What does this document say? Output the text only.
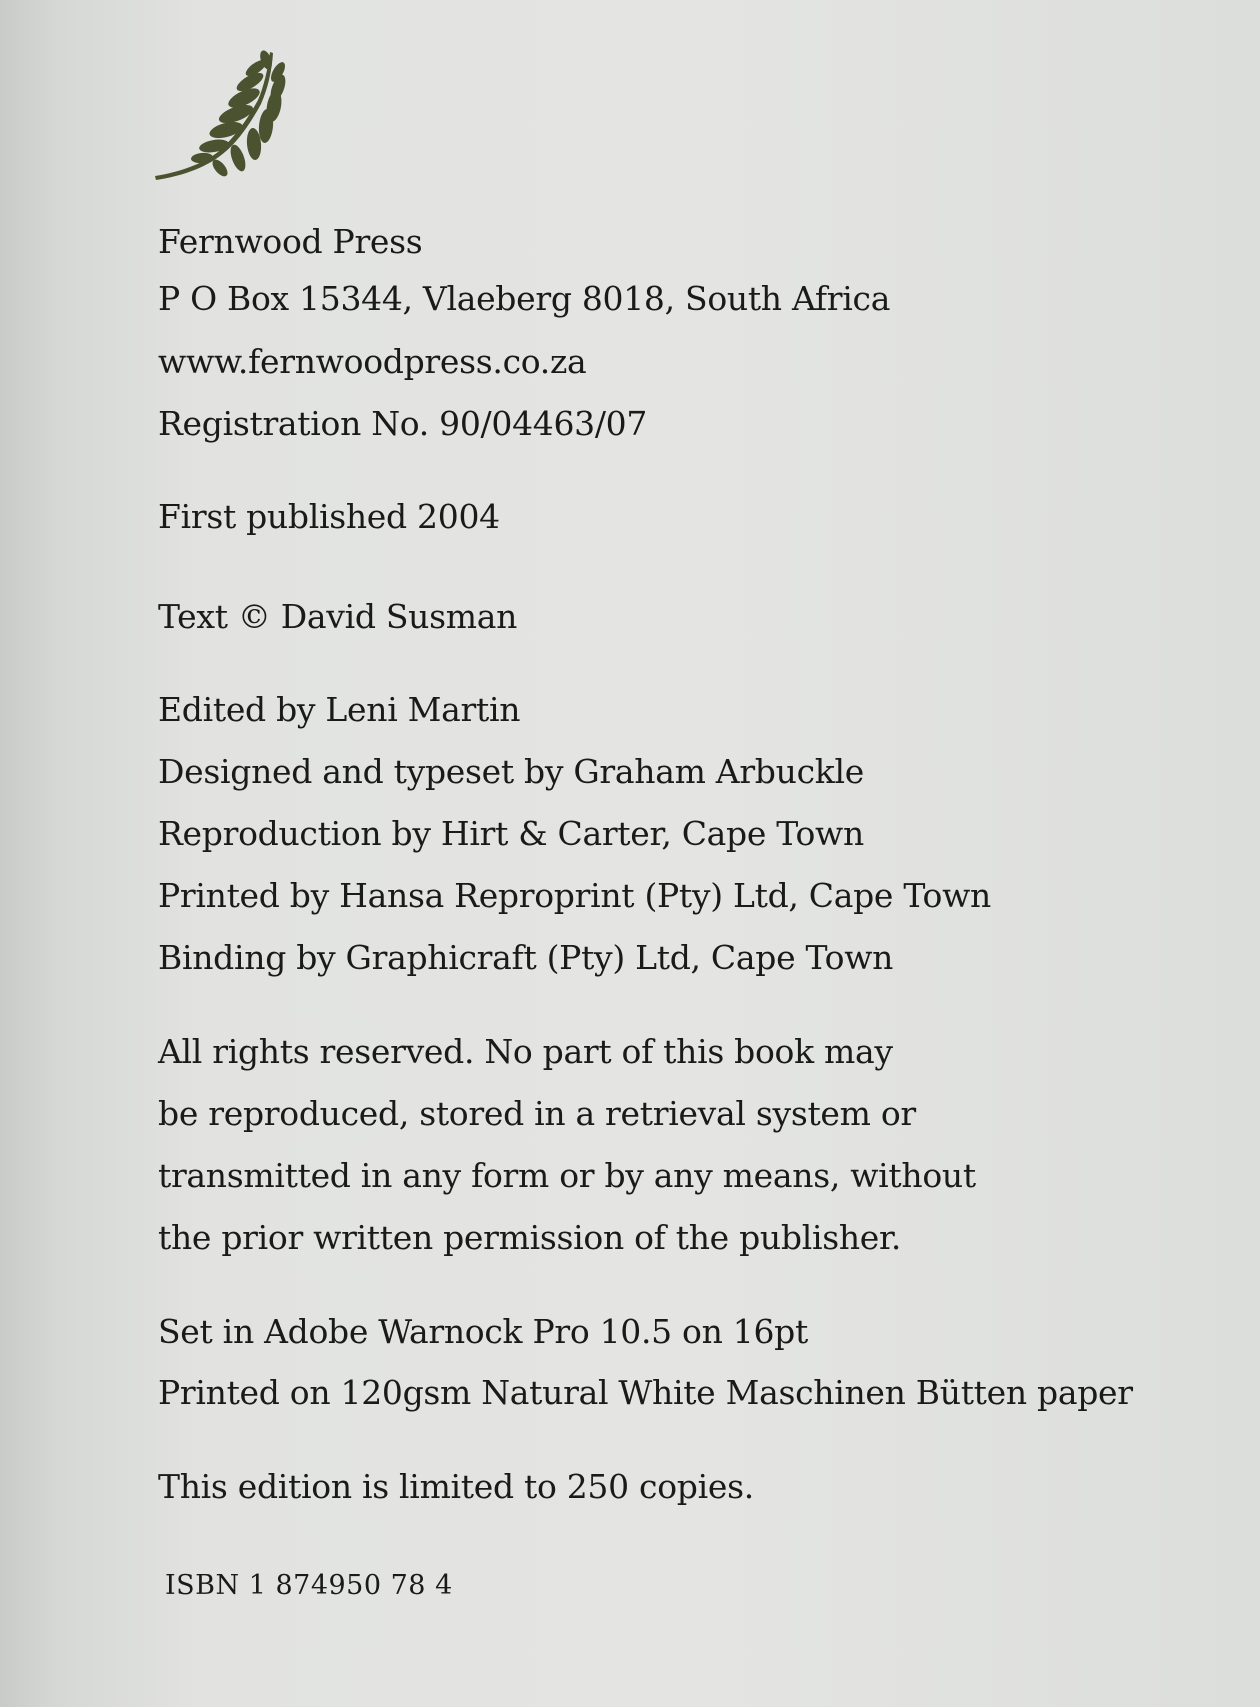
Fernwood Press
P O Box 15344, Vlaeberg 8018, South Africa
www.fernwoodpress.co.za
Registration No. 90/04463/07
First published 2004
Text © David Susman
Edited by Leni Martin
Designed and typeset by Graham Arbuckle
Reproduction by Hirt & Carter, Cape Town
Printed by Hansa Reproprint (Pty) Ltd, Cape Town
Binding by Graphicraft (Pty) Ltd, Cape Town
All rights reserved. No part of this book may
be reproduced, stored in a retrieval system or
transmitted in any form or by any means, without
the prior written permission of the publisher.
Set in Adobe Warnock Pro 10.5 on 16pt
Printed on 120gsm Natural White Maschinen Bütten paper
This edition is limited to 250 copies.
ISBN 1 874950 78 4
